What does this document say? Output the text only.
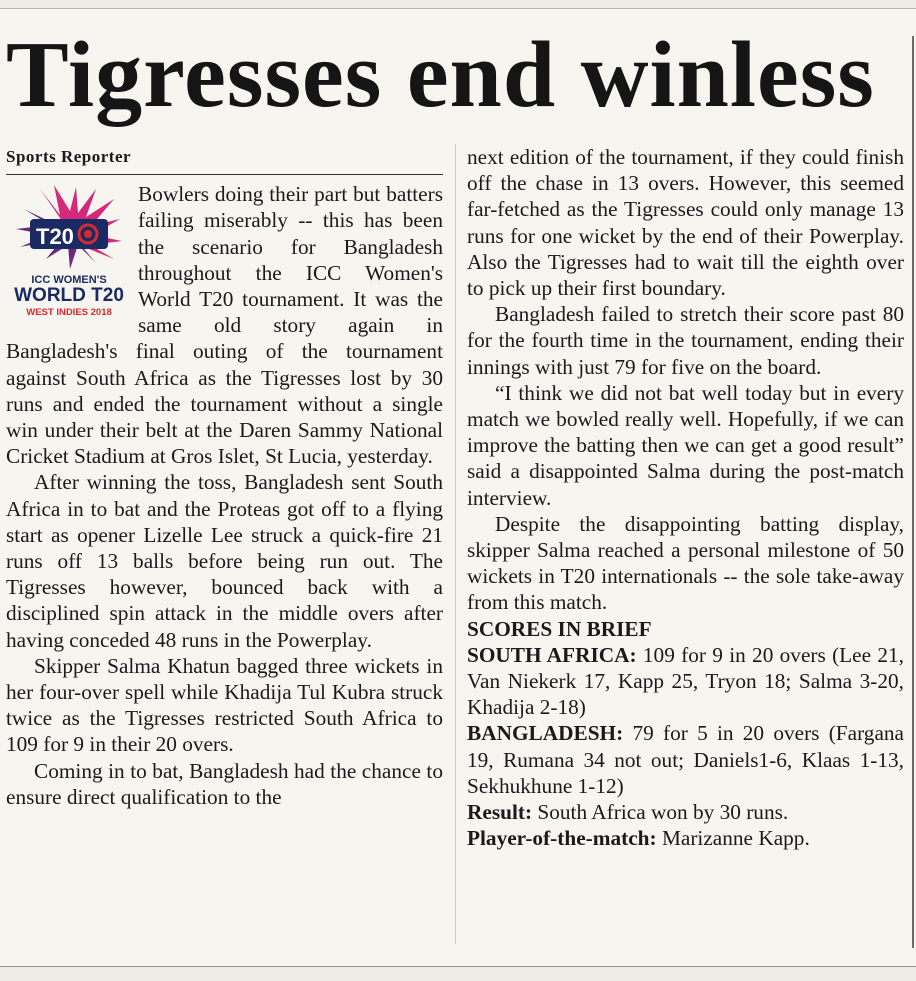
Tigresses end winless
Sports Reporter
T20
ICC WOMEN'S
WORLD T20
WEST INDIES 2018

Bowlers doing their part but batters failing miserably -- this has been the scenario for Bangladesh throughout the ICC Women's World T20 tournament. It was the same old story again in Bangladesh's final outing of the tournament against South Africa as the Tigresses lost by 30 runs and ended the tournament without a single win under their belt at the Daren Sammy National Cricket Stadium at Gros Islet, St Lucia, yesterday.

After winning the toss, Bangladesh sent South Africa in to bat and the Proteas got off to a flying start as opener Lizelle Lee struck a quick-fire 21 runs off 13 balls before being run out. The Tigresses however, bounced back with a disciplined spin attack in the middle overs after having conceded 48 runs in the Powerplay.

Skipper Salma Khatun bagged three wickets in her four-over spell while Khadija Tul Kubra struck twice as the Tigresses restricted South Africa to 109 for 9 in their 20 overs.

Coming in to bat, Bangladesh had the chance to ensure direct qualification to the

next edition of the tournament, if they could finish off the chase in 13 overs. However, this seemed far-fetched as the Tigresses could only manage 13 runs for one wicket by the end of their Powerplay. Also the Tigresses had to wait till the eighth over to pick up their first boundary.

Bangladesh failed to stretch their score past 80 for the fourth time in the tournament, ending their innings with just 79 for five on the board.

“I think we did not bat well today but in every match we bowled really well. Hopefully, if we can improve the batting then we can get a good result” said a disappointed Salma during the post-match interview.

Despite the disappointing batting display, skipper Salma reached a personal milestone of 50 wickets in T20 internationals -- the sole take-away from this match.

SCORES IN BRIEF

SOUTH AFRICA: 109 for 9 in 20 overs (Lee 21, Van Niekerk 17, Kapp 25, Tryon 18; Salma 3-20, Khadija 2-18)

BANGLADESH: 79 for 5 in 20 overs (Fargana 19, Rumana 34 not out; Daniels1-6, Klaas 1-13, Sekhukhune 1-12)

Result: South Africa won by 30 runs.

Player-of-the-match: Marizanne Kapp.
